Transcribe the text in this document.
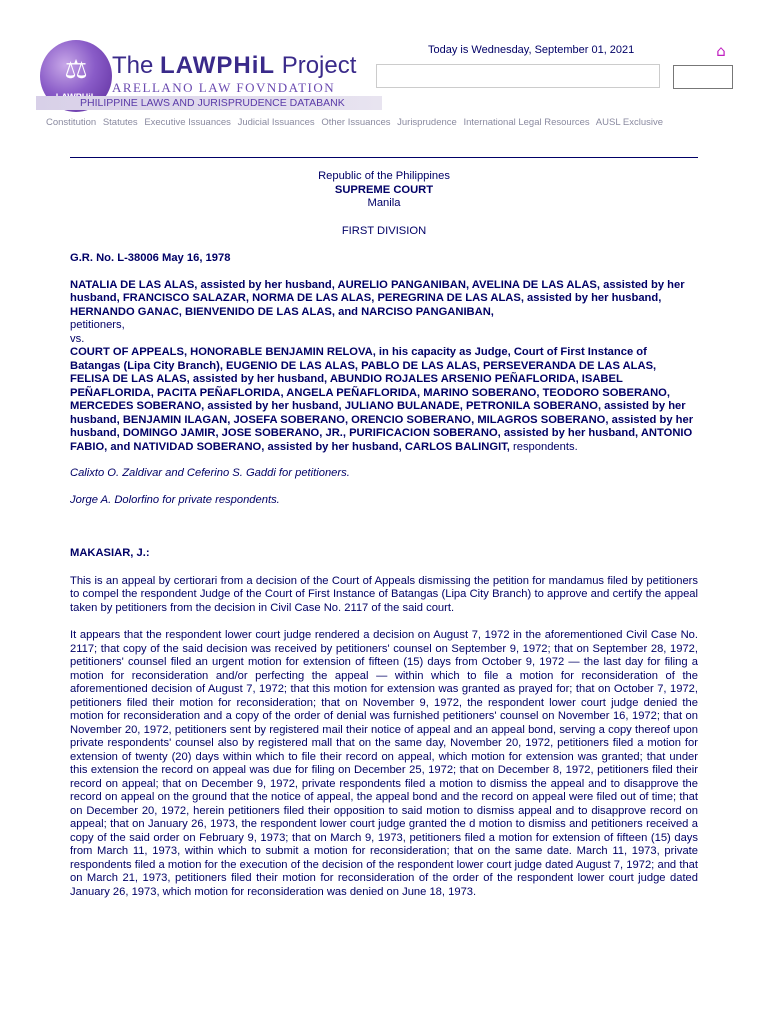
⚖ The LAWPHiL Project
ARELLANO LAW FOVNDATION
PHILIPPINE LAWS AND JURISPRUDENCE DATABANK
Today is Wednesday, September 01, 2021	⌂
Constitution Statutes Executive Issuances Judicial Issuances Other Issuances Jurisprudence International Legal Resources AUSL Exclusive
Republic of the Philippines
SUPREME COURT
Manila
FIRST DIVISION
G.R. No. L-38006 May 16, 1978
NATALIA DE LAS ALAS, assisted by her husband, AURELIO PANGANIBAN, AVELINA DE LAS ALAS, assisted by her husband, FRANCISCO SALAZAR, NORMA DE LAS ALAS, PEREGRINA DE LAS ALAS, assisted by her husband, HERNANDO GANAC, BIENVENIDO DE LAS ALAS, and NARCISO PANGANIBAN,
petitioners,
vs.
COURT OF APPEALS, HONORABLE BENJAMIN RELOVA, in his capacity as Judge, Court of First Instance of Batangas (Lipa City Branch), EUGENIO DE LAS ALAS, PABLO DE LAS ALAS, PERSEVERANDA DE LAS ALAS, FELISA DE LAS ALAS, assisted by her husband, ABUNDIO ROJALES ARSENIO PEÑAFLORIDA, ISABEL PEÑAFLORIDA, PACITA PEÑAFLORIDA, ANGELA PEÑAFLORIDA, MARINO SOBERANO, TEODORO SOBERANO, MERCEDES SOBERANO, assisted by her husband, JULIANO BULANADE, PETRONILA SOBERANO, assisted by her husband, BENJAMIN ILAGAN, JOSEFA SOBERANO, ORENCIO SOBERANO, MILAGROS SOBERANO, assisted by her husband, DOMINGO JAMIR, JOSE SOBERANO, JR., PURIFICACION SOBERANO, assisted by her husband, ANTONIO FABIO, and NATIVIDAD SOBERANO, assisted by her husband, CARLOS BALINGIT, respondents.
Calixto O. Zaldivar and Ceferino S. Gaddi for petitioners.
Jorge A. Dolorfino for private respondents.
MAKASIAR, J.:

This is an appeal by certiorari from a decision of the Court of Appeals dismissing the petition for mandamus filed by petitioners to compel the respondent Judge of the Court of First Instance of Batangas (Lipa City Branch) to approve and certify the appeal taken by petitioners from the decision in Civil Case No. 2117 of the said court.

It appears that the respondent lower court judge rendered a decision on August 7, 1972 in the aforementioned Civil Case No. 2117; that copy of the said decision was received by petitioners' counsel on September 9, 1972; that on September 28, 1972, petitioners' counsel filed an urgent motion for extension of fifteen (15) days from October 9, 1972 — the last day for filing a motion for reconsideration and/or perfecting the appeal — within which to file a motion for reconsideration of the aforementioned decision of August 7, 1972; that this motion for extension was granted as prayed for; that on October 7, 1972, petitioners filed their motion for reconsideration; that on November 9, 1972, the respondent lower court judge denied the motion for reconsideration and a copy of the order of denial was furnished petitioners' counsel on November 16, 1972; that on November 20, 1972, petitioners sent by registered mail their notice of appeal and an appeal bond, serving a copy thereof upon private respondents' counsel also by registered mall that on the same day, November 20, 1972, petitioners filed a motion for extension of twenty (20) days within which to file their record on appeal, which motion for extension was granted; that under this extension the record on appeal was due for filing on December 25, 1972; that on December 8, 1972, petitioners filed their record on appeal; that on December 9, 1972, private respondents filed a motion to dismiss the appeal and to disapprove the record on appeal on the ground that the notice of appeal, the appeal bond and the record on appeal were filed out of time; that on December 20, 1972, herein petitioners filed their opposition to said motion to dismiss appeal and to disapprove record on appeal; that on January 26, 1973, the respondent lower court judge granted the d motion to dismiss and petitioners received a copy of the said order on February 9, 1973; that on March 9, 1973, petitioners filed a motion for extension of fifteen (15) days from March 11, 1973, within which to submit a motion for reconsideration; that on the same date. March 11, 1973, private respondents filed a motion for the execution of the decision of the respondent lower court judge dated August 7, 1972; and that on March 21, 1973, petitioners filed their motion for reconsideration of the order of the respondent lower court judge dated January 26, 1973, which motion for reconsideration was denied on June 18, 1973.
